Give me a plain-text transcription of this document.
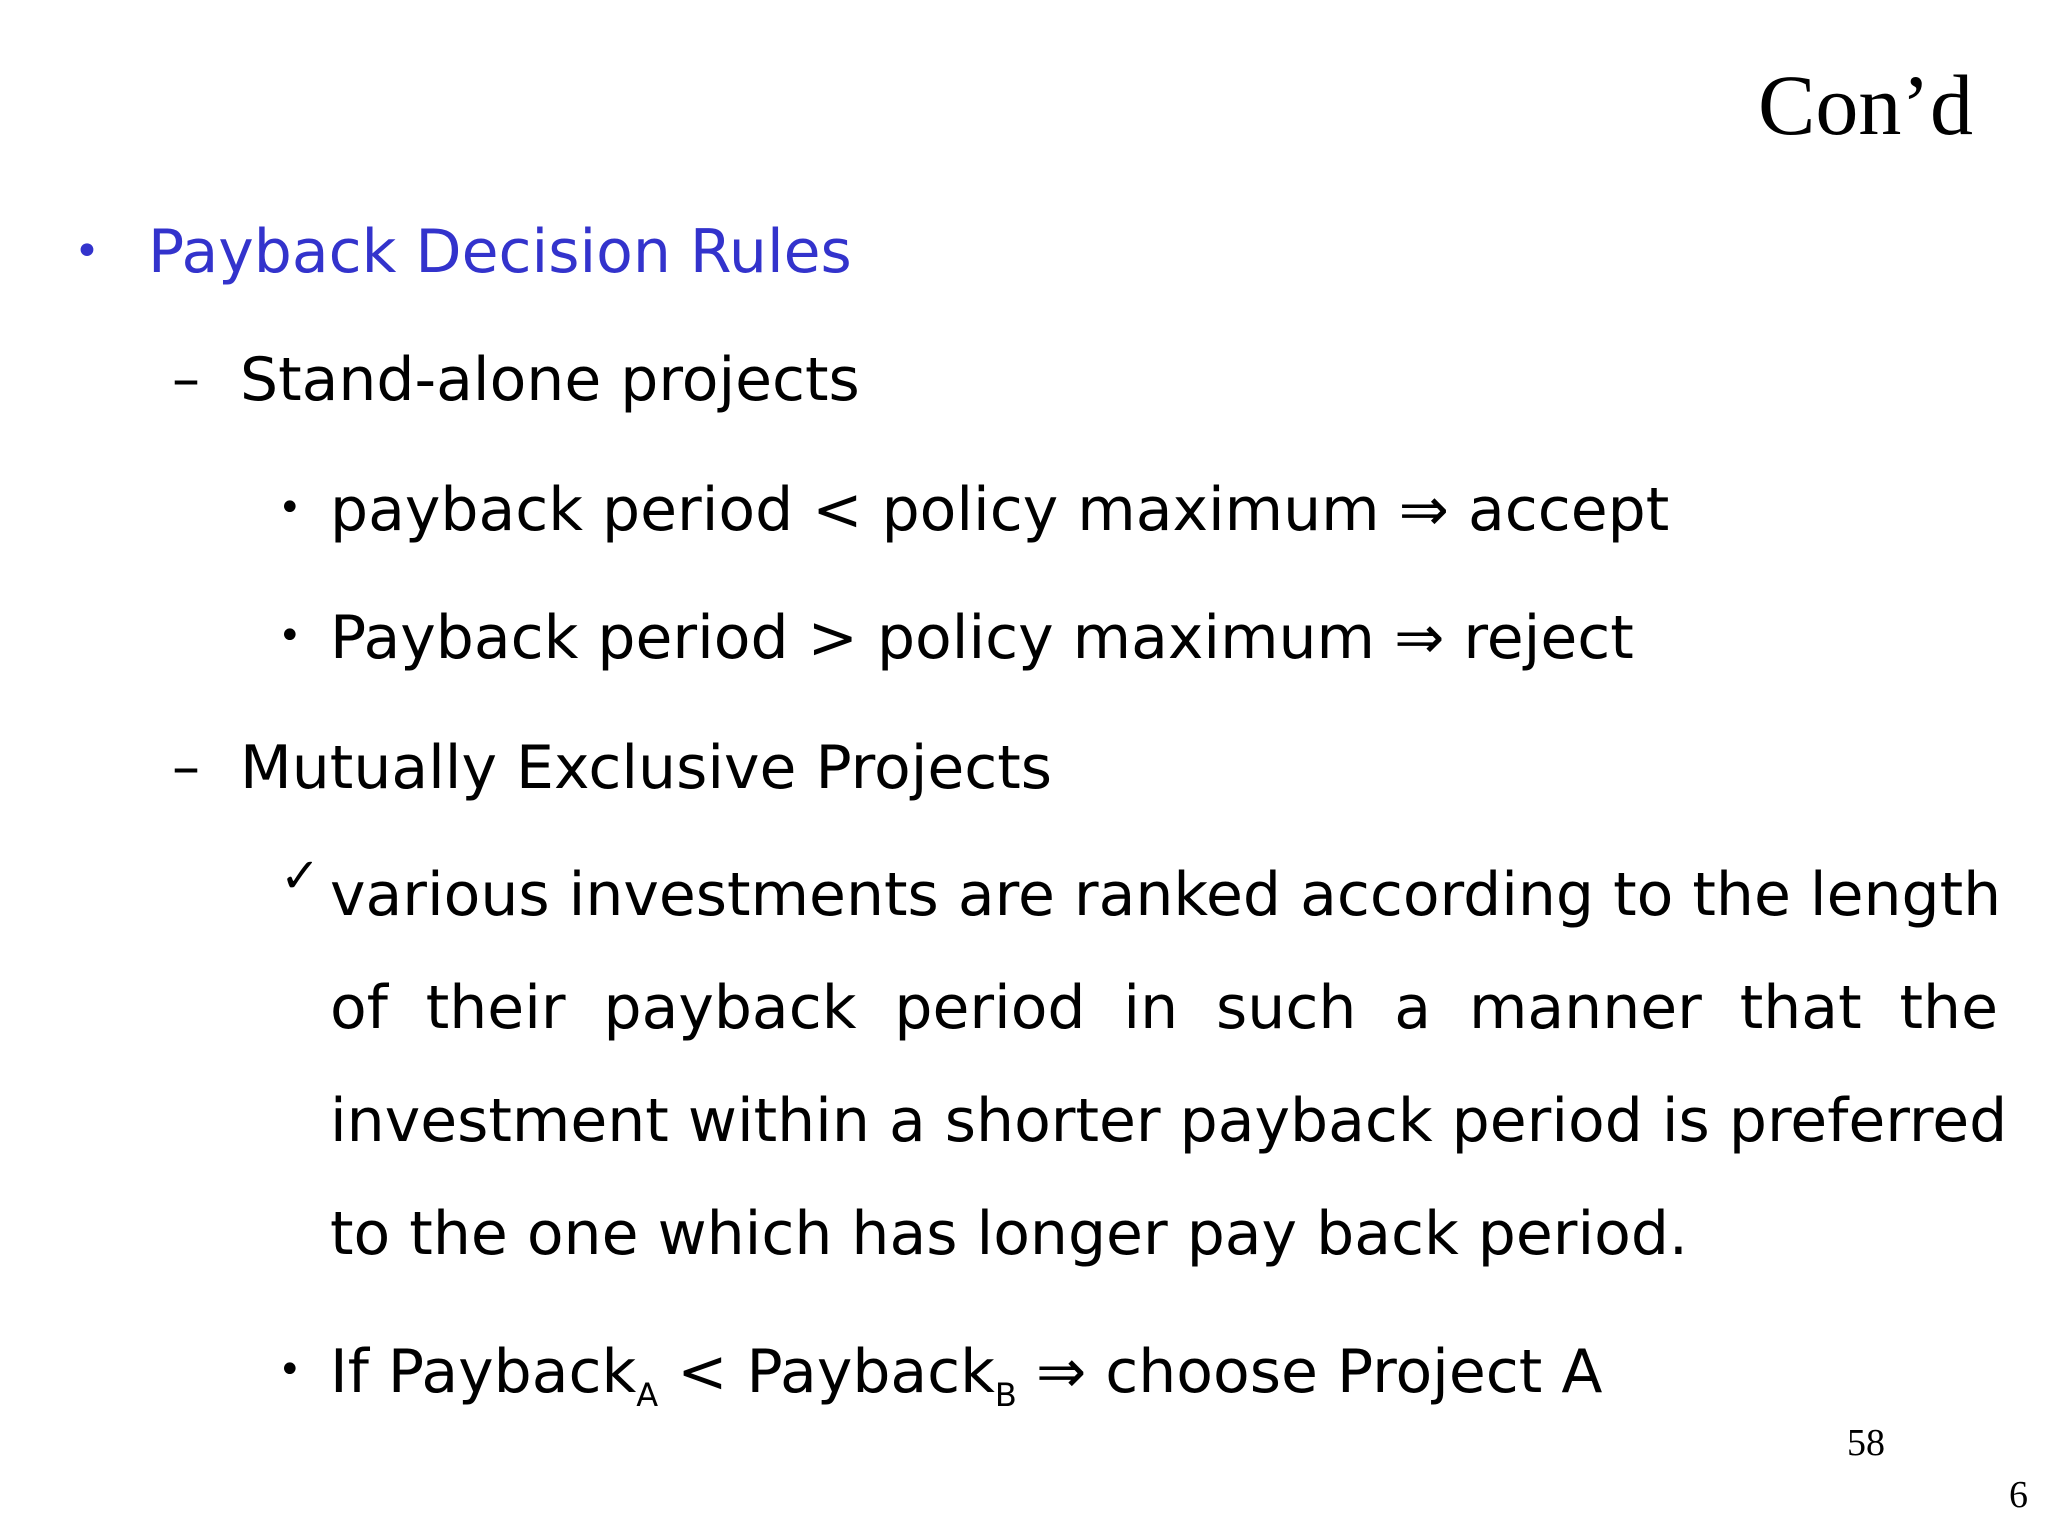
Con’d
• Payback Decision Rules
– Stand-alone projects
• payback period < policy maximum ⇒ accept
• Payback period > policy maximum ⇒ reject
– Mutually Exclusive Projects
✓ various investments are ranked according to the length
of their payback period in such a manner that the
investment within a shorter payback period is preferred
to the one which has longer pay back period.
• If Payback$_A$ < Payback$_B$ ⇒ choose Project A
58
6
